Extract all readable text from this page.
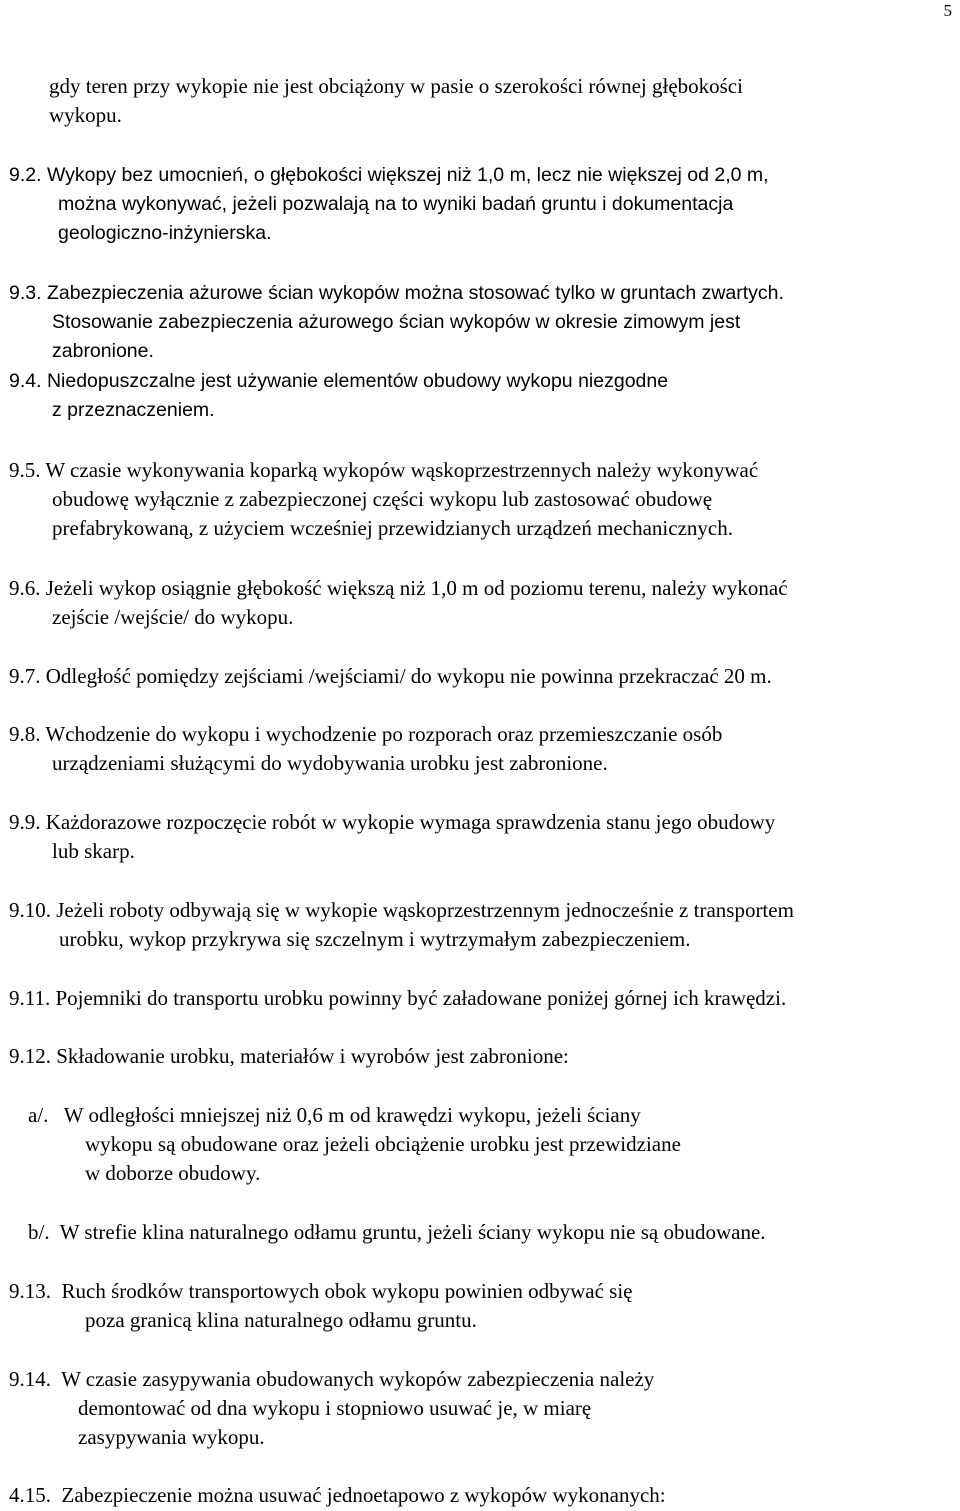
5
gdy teren przy wykopie nie jest obciążony w pasie o szerokości równej głębokości
wykopu.
9.2. Wykopy bez umocnień, o głębokości większej niż 1,0 m, lecz nie większej od 2,0 m,
można wykonywać, jeżeli pozwalają na to wyniki badań gruntu i dokumentacja
geologiczno-inżynierska.
9.3. Zabezpieczenia ażurowe ścian wykopów można stosować tylko w gruntach zwartych.
Stosowanie zabezpieczenia ażurowego ścian wykopów w okresie zimowym jest
zabronione.
9.4. Niedopuszczalne jest używanie elementów obudowy wykopu niezgodne
z przeznaczeniem.
9.5. W czasie wykonywania koparką wykopów wąskoprzestrzennych należy wykonywać
obudowę wyłącznie z zabezpieczonej części wykopu lub zastosować obudowę
prefabrykowaną, z użyciem wcześniej przewidzianych urządzeń mechanicznych.
9.6. Jeżeli wykop osiągnie głębokość większą niż 1,0 m od poziomu terenu, należy wykonać
zejście /wejście/ do wykopu.
9.7. Odległość pomiędzy zejściami /wejściami/ do wykopu nie powinna przekraczać 20 m.
9.8. Wchodzenie do wykopu i wychodzenie po rozporach oraz przemieszczanie osób
urządzeniami służącymi do wydobywania urobku jest zabronione.
9.9. Każdorazowe rozpoczęcie robót w wykopie wymaga sprawdzenia stanu jego obudowy
lub skarp.
9.10. Jeżeli roboty odbywają się w wykopie wąskoprzestrzennym jednocześnie z transportem
urobku, wykop przykrywa się szczelnym i wytrzymałym zabezpieczeniem.
9.11. Pojemniki do transportu urobku powinny być załadowane poniżej górnej ich krawędzi.
9.12. Składowanie urobku, materiałów i wyrobów jest zabronione:
a/.   W odległości mniejszej niż 0,6 m od krawędzi wykopu, jeżeli ściany
wykopu są obudowane oraz jeżeli obciążenie urobku jest przewidziane
w doborze obudowy.
b/.  W strefie klina naturalnego odłamu gruntu, jeżeli ściany wykopu nie są obudowane.
9.13.  Ruch środków transportowych obok wykopu powinien odbywać się
poza granicą klina naturalnego odłamu gruntu.
9.14.  W czasie zasypywania obudowanych wykopów zabezpieczenia należy
demontować od dna wykopu i stopniowo usuwać je, w miarę
zasypywania wykopu.
4.15.  Zabezpieczenie można usuwać jednoetapowo z wykopów wykonanych:
